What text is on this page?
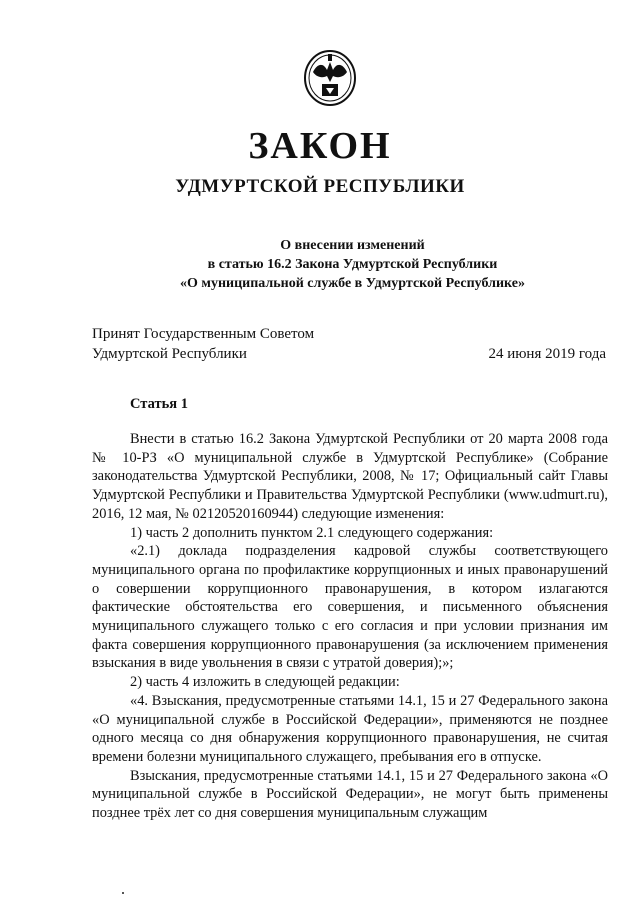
ЗАКОН
УДМУРТСКОЙ РЕСПУБЛИКИ
О внесении изменений
в статью 16.2 Закона Удмуртской Республики
«О муниципальной службе в Удмуртской Республике»
Принят Государственным Советом
Удмуртской Республики	24 июня 2019 года
Статья 1

Внести в статью 16.2 Закона Удмуртской Республики от 20 марта 2008 года № 10-РЗ «О муниципальной службе в Удмуртской Республике» (Собрание законодательства Удмуртской Республики, 2008, № 17; Официальный сайт Главы Удмуртской Республики и Правительства Удмуртской Республики (www.udmurt.ru), 2016, 12 мая, № 02120520160944) следующие изменения:

1) часть 2 дополнить пунктом 2.1 следующего содержания:

«2.1) доклада подразделения кадровой службы соответствующего муниципального органа по профилактике коррупционных и иных правонарушений о совершении коррупционного правонарушения, в котором излагаются фактические обстоятельства его совершения, и письменного объяснения муниципального служащего только с его согласия и при условии признания им факта совершения коррупционного правонарушения (за исключением применения взыскания в виде увольнения в связи с утратой доверия);»;

2) часть 4 изложить в следующей редакции:

«4. Взыскания, предусмотренные статьями 14.1, 15 и 27 Федерального закона «О муниципальной службе в Российской Федерации», применяются не позднее одного месяца со дня обнаружения коррупционного правонарушения, не считая времени болезни муниципального служащего, пребывания его в отпуске.

Взыскания, предусмотренные статьями 14.1, 15 и 27 Федерального закона «О муниципальной службе в Российской Федерации», не могут быть применены позднее трёх лет со дня совершения муниципальным служащим
